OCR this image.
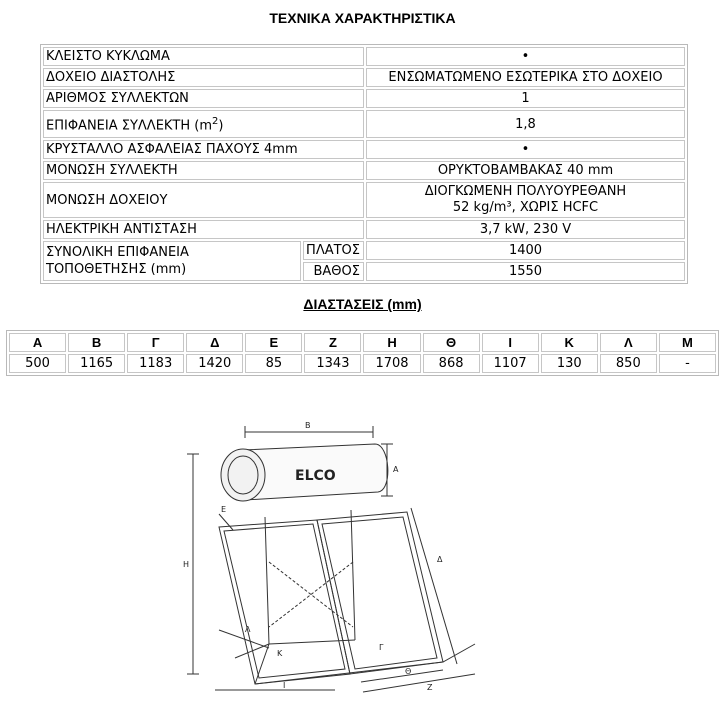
ΤΕΧΝΙΚΑ ΧΑΡΑΚΤΗΡΙΣΤΙΚΑ
ΚΛΕΙΣΤΟ ΚΥΚΛΩΜΑ		•
ΔΟΧΕΙΟ ΔΙΑΣΤΟΛΗΣ		ΕΝΣΩΜΑΤΩΜΕΝΟ ΕΣΩΤΕΡΙΚΑ ΣΤΟ ΔΟΧΕΙΟ
ΑΡΙΘΜΟΣ ΣΥΛΛΕΚΤΩΝ		1
ΕΠΙΦΑΝΕΙΑ ΣΥΛΛΕΚΤΗ $(m^2)$		1,8
ΚΡΥΣΤΑΛΛΟ ΑΣΦΑΛΕΙΑΣ ΠΑΧΟΥΣ 4mm		•
ΜΟΝΩΣΗ ΣΥΛΛΕΚΤΗ		ΟΡΥΚΤΟΒΑΜΒΑΚΑΣ 40 mm
ΜΟΝΩΣΗ ΔΟΧΕΙΟΥ		ΔΙΟΓΚΩΜΕΝΗ ΠΟΛΥΟΥΡΕΘΑΝΗ
52 kg/m³, ΧΩΡΙΣ HCFC

ΗΛΕΚΤΡΙΚΗ ΑΝΤΙΣΤΑΣΗ		3,7 kW, 230 V

ΣΥΝΟΛΙΚΗ ΕΠΙΦΑΝΕΙΑ
ΤΟΠΟΘΕΤΗΣΗΣ (mm)	ΠΛΑΤΟΣ	1400
	ΒΑΘΟΣ	1550
ΔΙΑΣΤΑΣΕΙΣ (mm)
Α	Β	Γ	Δ	Ε	Ζ	Η	Θ	Ι	Κ	Λ	Μ
500	1165	1183	1420	85	1343	1708	868	1107	130	850	-
ELCO
B
A
E
H
Δ
Λ
Γ
K
I
Θ
Z
